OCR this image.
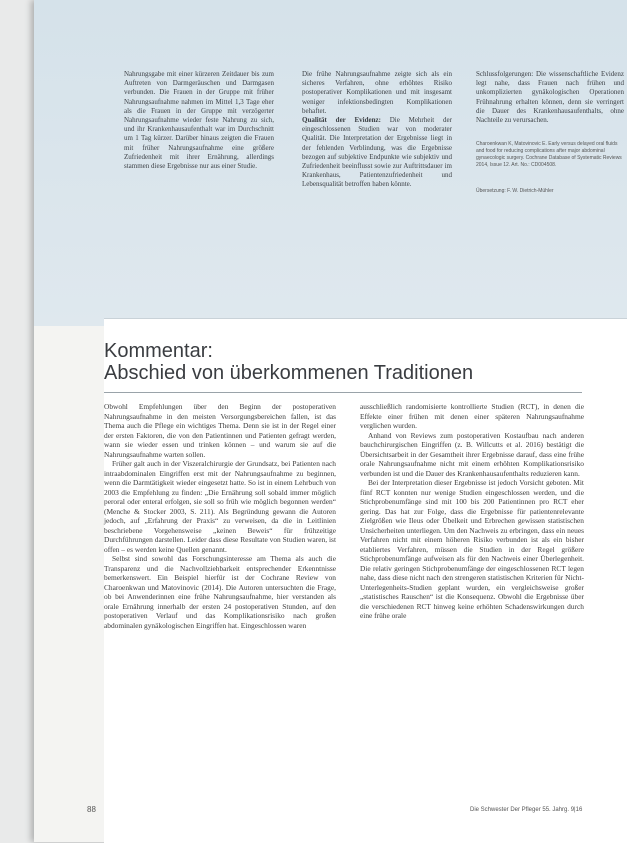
Nahrungsgabe mit einer kürzeren Zeitdauer bis zum Auftreten von Darmgeräuschen und Darmgasen verbunden. Die Frauen in der Gruppe mit früher Nahrungsaufnahme nahmen im Mittel 1,3 Tage eher als die Frauen in der Gruppe mit verzögerter Nahrungsaufnahme wieder feste Nahrung zu sich, und ihr Krankenhausaufenthalt war im Durchschnitt um 1 Tag kürzer. Darüber hinaus zeigten die Frauen mit früher Nahrungsaufnahme eine größere Zufriedenheit mit ihrer Ernährung, allerdings stammen diese Ergebnisse nur aus einer Studie.

Die frühe Nahrungsaufnahme zeigte sich als ein sicheres Verfahren, ohne erhöhtes Risiko postoperativer Komplikationen und mit insgesamt weniger infektionsbedingten Komplikationen behaftet.

Qualität der Evidenz: Die Mehrheit der eingeschlossenen Studien war von moderater Qualität. Die Interpretation der Ergebnisse liegt in der fehlenden Verblindung, was die Ergebnisse bezogen auf subjektive Endpunkte wie subjektiv und Zufriedenheit beeinflusst sowie zur Auftrittsdauer im Krankenhaus, Patientenzufriedenheit und Lebensqualität betroffen haben könnte.

Schlussfolgerungen: Die wissenschaftliche Evidenz legt nahe, dass Frauen nach frühen und unkomplizierten gynäkologischen Operationen Frühnahrung erhalten können, denn sie verringert die Dauer des Krankenhausaufenthalts, ohne Nachteile zu verursachen.

Charoenkwan K, Matovinovic E. Early versus delayed oral fluids and food for reducing complications after major abdominal gynaecologic surgery. Cochrane Database of Systematic Reviews 2014, Issue 12. Art. No.: CD004508.
Übersetzung: F. W. Dietrich-Mühler
Kommentar:
Abschied von überkommenen Traditionen

Obwohl Empfehlungen über den Beginn der postoperativen Nahrungsaufnahme in den meisten Versorgungsbereichen fallen, ist das Thema auch die Pflege ein wichtiges Thema. Denn sie ist in der Regel einer der ersten Faktoren, die von den Patientinnen und Patienten gefragt werden, wann sie wieder essen und trinken können – und warum sie auf die Nahrungsaufnahme warten sollen.

Früher galt auch in der Viszeralchirurgie der Grundsatz, bei Patienten nach intraabdominalen Eingriffen erst mit der Nahrungsaufnahme zu beginnen, wenn die Darmtätigkeit wieder eingesetzt hatte. So ist in einem Lehrbuch von 2003 die Empfehlung zu finden: „Die Ernährung soll sobald immer möglich peroral oder enteral erfolgen, sie soll so früh wie möglich begonnen werden“ (Menche & Stocker 2003, S. 211). Als Begründung gewann die Autoren jedoch, auf „Erfahrung der Praxis“ zu verweisen, da die in Leitlinien beschriebene Vorgehensweise „keinen Beweis“ für frühzeitige Durchführungen darstellen. Leider dass diese Resultate von Studien waren, ist offen – es werden keine Quellen genannt.

Selbst sind sowohl das Forschungsinteresse am Thema als auch die Transparenz und die Nachvollziehbarkeit entsprechender Erkenntnisse bemerkenswert. Ein Beispiel hierfür ist der Cochrane Review von Charoenkwan und Matovinovic (2014). Die Autoren untersuchten die Frage, ob bei Anwenderinnen eine frühe Nahrungsaufnahme, hier verstanden als orale Ernährung innerhalb der ersten 24 postoperativen Stunden, auf den postoperativen Verlauf und das Komplikationsrisiko nach großen abdominalen gynäkologischen Eingriffen hat. Eingeschlossen waren

ausschließlich randomisierte kontrollierte Studien (RCT), in denen die Effekte einer frühen mit denen einer späteren Nahrungsaufnahme verglichen wurden.

Anhand von Reviews zum postoperativen Kostaufbau nach anderen bauchchirurgischen Eingriffen (z. B. Willcutts et al. 2016) bestätigt die Übersichtsarbeit in der Gesamtheit ihrer Ergebnisse darauf, dass eine frühe orale Nahrungsaufnahme nicht mit einem erhöhten Komplikationsrisiko verbunden ist und die Dauer des Krankenhausaufenthalts reduzieren kann.

Bei der Interpretation dieser Ergebnisse ist jedoch Vorsicht geboten. Mit fünf RCT konnten nur wenige Studien eingeschlossen werden, und die Stichprobenumfänge sind mit 100 bis 200 Patientinnen pro RCT eher gering. Das hat zur Folge, dass die Ergebnisse für patientenrelevante Zielgrößen wie Ileus oder Übelkeit und Erbrechen gewissen statistischen Unsicherheiten unterliegen. Um den Nachweis zu erbringen, dass ein neues Verfahren nicht mit einem höheren Risiko verbunden ist als ein bisher etabliertes Verfahren, müssen die Studien in der Regel größere Stichprobenumfänge aufweisen als für den Nachweis einer Überlegenheit. Die relativ geringen Stichprobenumfänge der eingeschlossenen RCT legen nahe, dass diese nicht nach den strengeren statistischen Kriterien für Nicht-Unterlegenheits-Studien geplant wurden, ein vergleichsweise großer „statistisches Rauschen“ ist die Konsequenz. Obwohl die Ergebnisse über die verschiedenen RCT hinweg keine erhöhten Schadenswirkungen durch eine frühe orale

88	Die Schwester Der Pfleger 55. Jahrg. 9|16
